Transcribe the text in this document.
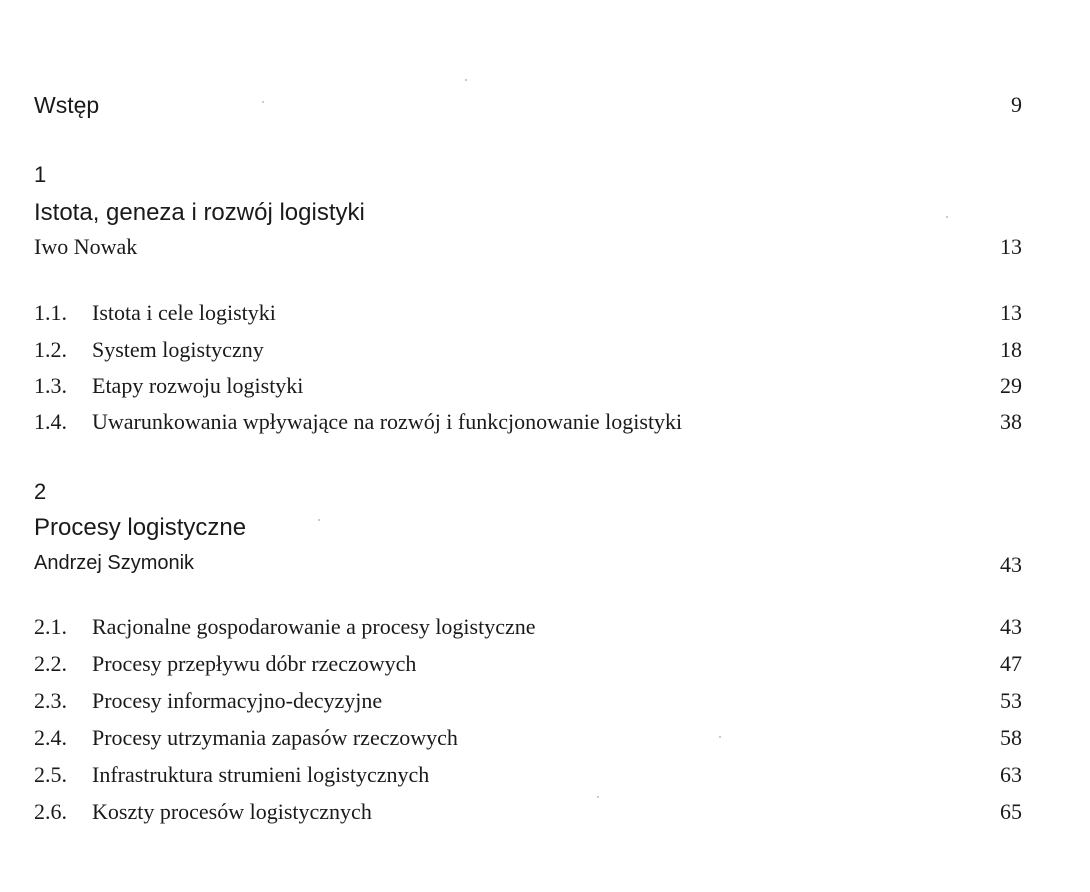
Wstęp	9
1
Istota, geneza i rozwój logistyki
Iwo Nowak	13
1.1. Istota i cele logistyki	13
1.2. System logistyczny	18
1.3. Etapy rozwoju logistyki	29
1.4. Uwarunkowania wpływające na rozwój i funkcjonowanie logistyki	38
2
Procesy logistyczne
Andrzej Szymonik	43
2.1. Racjonalne gospodarowanie a procesy logistyczne	43
2.2. Procesy przepływu dóbr rzeczowych	47
2.3. Procesy informacyjno-decyzyjne	53
2.4. Procesy utrzymania zapasów rzeczowych	58
2.5. Infrastruktura strumieni logistycznych	63
2.6. Koszty procesów logistycznych	65
